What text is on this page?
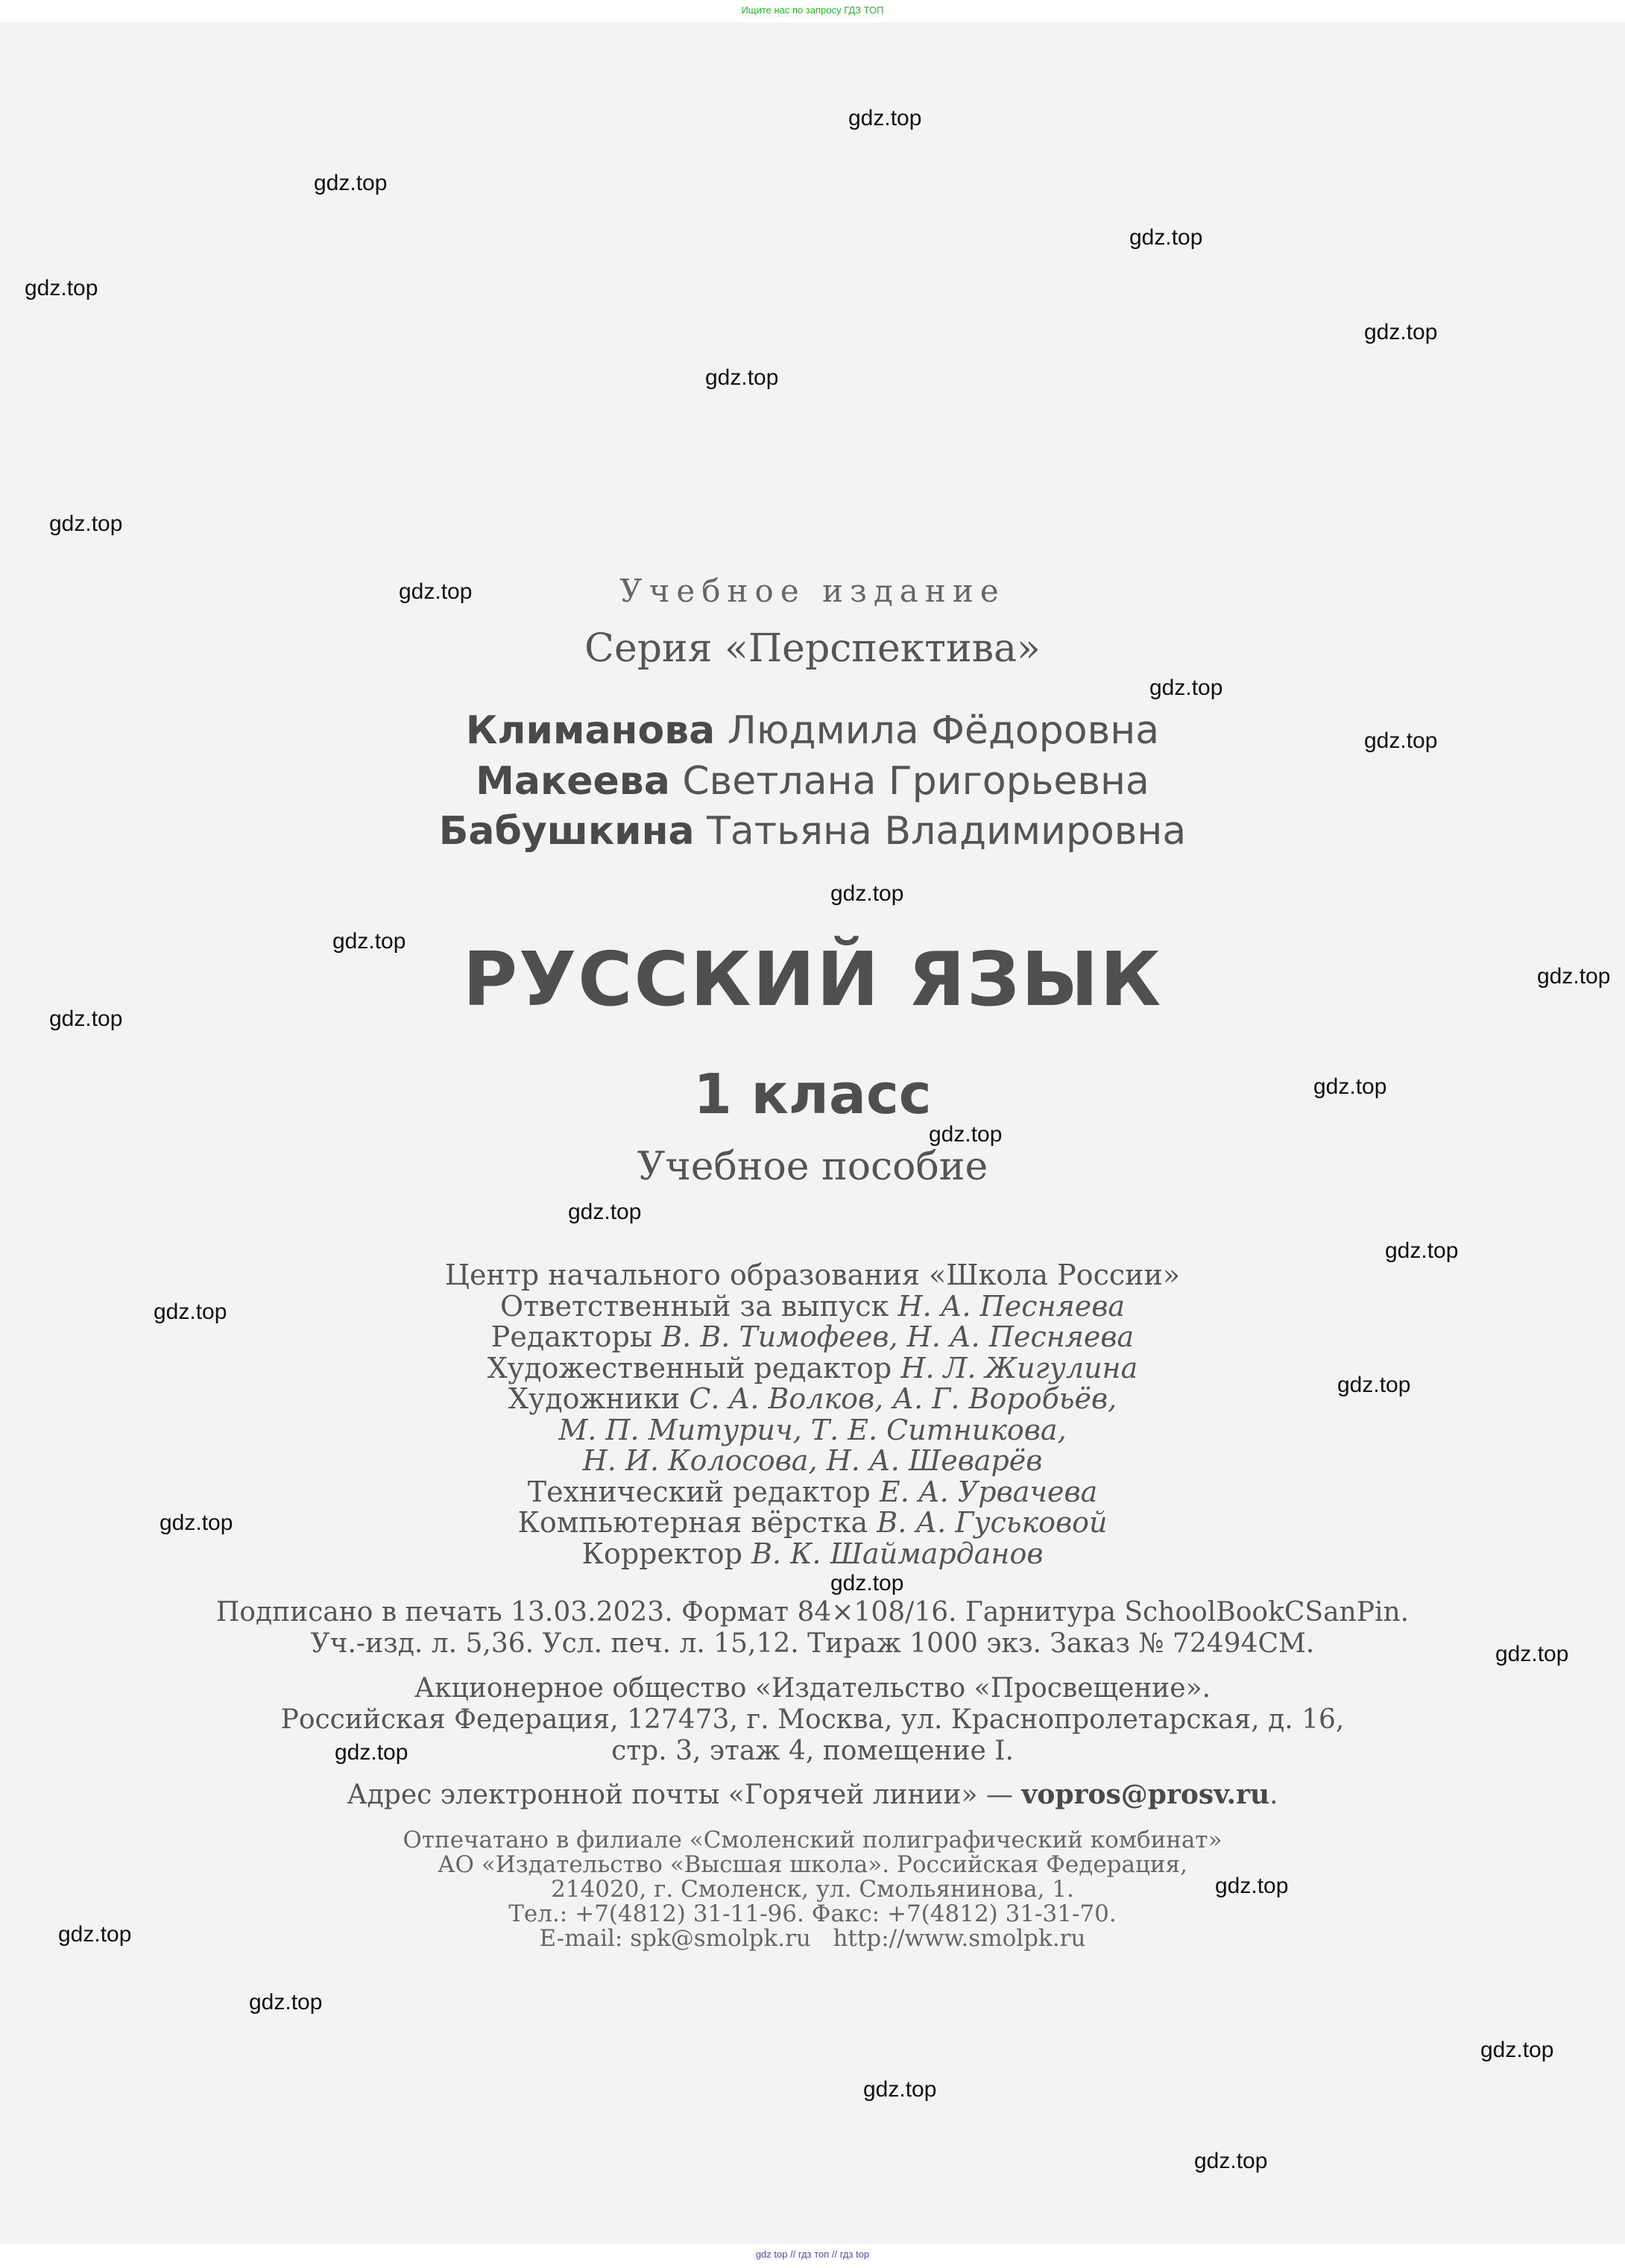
Ищите нас по запросу ГДЗ ТОП
gdz.top
gdz.top
gdz.top
gdz.top
gdz.top
gdz.top
gdz.top
gdz.top
gdz.top
gdz.top
gdz.top
gdz.top
gdz.top
gdz.top
gdz.top
gdz.top
gdz.top
gdz.top
gdz.top
gdz.top
gdz.top
gdz.top
gdz.top
gdz.top
gdz.top
gdz.top
gdz.top
gdz.top
gdz.top
gdz.top
Учебное издание
Серия «Перспектива»
Климанова Людмила Фёдоровна
Макеева Светлана Григорьевна
Бабушкина Татьяна Владимировна
РУССКИЙ ЯЗЫК
1 класс
Учебное пособие
Центр начального образования «Школа России»
Ответственный за выпуск Н. А. Песняева
Редакторы В. В. Тимофеев, Н. А. Песняева
Художественный редактор Н. Л. Жигулина
Художники С. А. Волков, А. Г. Воробьёв,
М. П. Митурич, Т. Е. Ситникова,
Н. И. Колосова, Н. А. Шеварёв
Технический редактор Е. А. Урвачева
Компьютерная вёрстка В. А. Гуськовой
Корректор В. К. Шаймарданов
Подписано в печать 13.03.2023. Формат 84×108/16. Гарнитура SchoolBookCSanPin.
Уч.-изд. л. 5,36. Усл. печ. л. 15,12. Тираж 1000 экз. Заказ № 72494СМ.
Акционерное общество «Издательство «Просвещение».
Российская Федерация, 127473, г. Москва, ул. Краснопролетарская, д. 16,
стр. 3, этаж 4, помещение I.
Адрес электронной почты «Горячей линии» — vopros@prosv.ru.
Отпечатано в филиале «Смоленский полиграфический комбинат»
АО «Издательство «Высшая школа». Российская Федерация,
214020, г. Смоленск, ул. Смольянинова, 1.
Тел.: +7(4812) 31-11-96. Факс: +7(4812) 31-31-70.
E-mail: spk@smolpk.ru   http://www.smolpk.ru
gdz top // гдз топ // гдз top
